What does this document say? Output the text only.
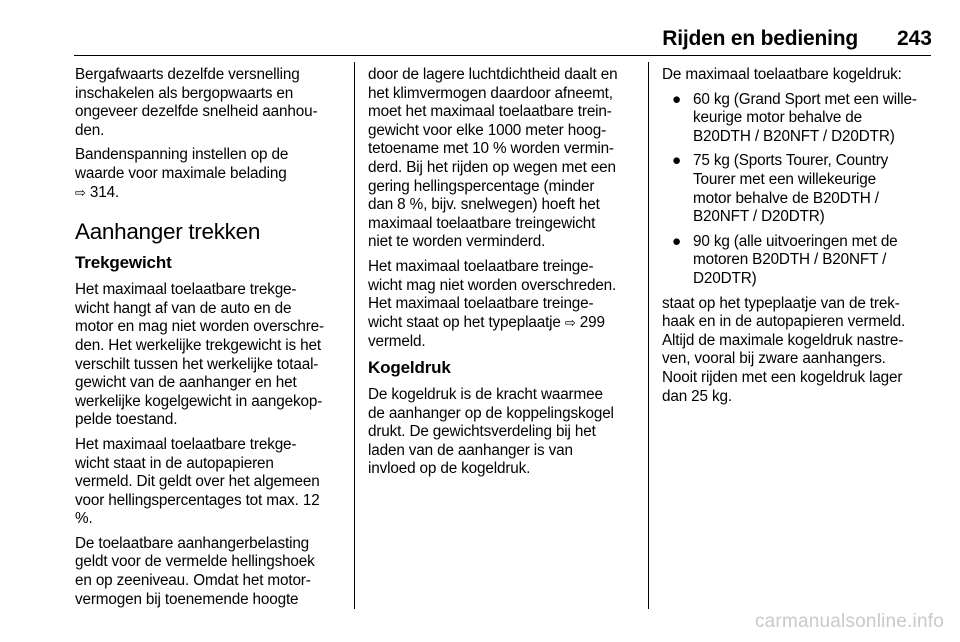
Rijden en bediening	243

Bergafwaarts dezelfde versnelling
inschakelen als bergopwaarts en
ongeveer dezelfde snelheid aanhou-
den.

Bandenspanning instellen op de
waarde voor maximale belading
⇨ 314.

Aanhanger trekken
Trekgewicht

Het maximaal toelaatbare trekge-
wicht hangt af van de auto en de
motor en mag niet worden overschre-
den. Het werkelijke trekgewicht is het
verschilt tussen het werkelijke totaal-
gewicht van de aanhanger en het
werkelijke kogelgewicht in aangekop-
pelde toestand.

Het maximaal toelaatbare trekge-
wicht staat in de autopapieren
vermeld. Dit geldt over het algemeen
voor hellingspercentages tot max. 12
%.

De toelaatbare aanhangerbelasting
geldt voor de vermelde hellingshoek
en op zeeniveau. Omdat het motor-
vermogen bij toenemende hoogte

door de lagere luchtdichtheid daalt en
het klimvermogen daardoor afneemt,
moet het maximaal toelaatbare trein-
gewicht voor elke 1000 meter hoog-
tetoename met 10 % worden vermin-
derd. Bij het rijden op wegen met een
gering hellingspercentage (minder
dan 8 %, bijv. snelwegen) hoeft het
maximaal toelaatbare treingewicht
niet te worden verminderd.

Het maximaal toelaatbare treinge-
wicht mag niet worden overschreden.
Het maximaal toelaatbare treinge-
wicht staat op het typeplaatje ⇨ 299
vermeld.

Kogeldruk

De kogeldruk is de kracht waarmee
de aanhanger op de koppelingskogel
drukt. De gewichtsverdeling bij het
laden van de aanhanger is van
invloed op de kogeldruk.

De maximaal toelaatbare kogeldruk:

● 60 kg (Grand Sport met een wille-
keurige motor behalve de
B20DTH / B20NFT / D20DTR)
● 75 kg (Sports Tourer, Country
Tourer met een willekeurige
motor behalve de B20DTH /
B20NFT / D20DTR)
● 90 kg (alle uitvoeringen met de
motoren B20DTH / B20NFT /
D20DTR)

staat op het typeplaatje van de trek-
haak en in de autopapieren vermeld.
Altijd de maximale kogeldruk nastre-
ven, vooral bij zware aanhangers.
Nooit rijden met een kogeldruk lager
dan 25 kg.

carmanualsonline.info
